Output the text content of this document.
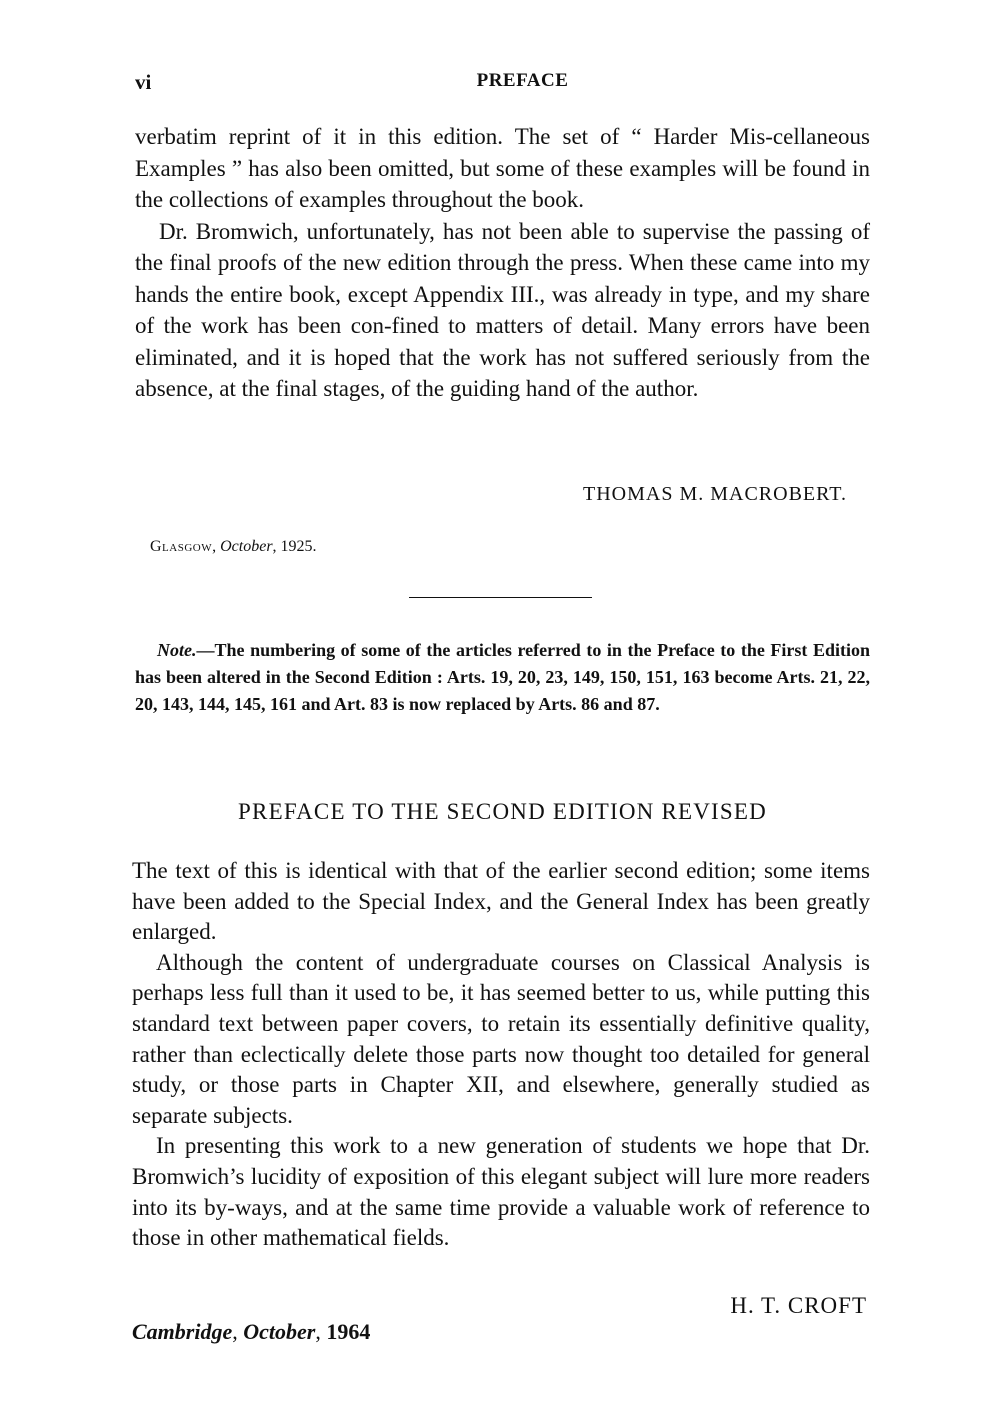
vi	PREFACE

verbatim reprint of it in this edition. The set of “ Harder Mis-cellaneous Examples ” has also been omitted, but some of these examples will be found in the collections of examples throughout the book.

Dr. Bromwich, unfortunately, has not been able to supervise the passing of the final proofs of the new edition through the press. When these came into my hands the entire book, except Appendix III., was already in type, and my share of the work has been con-fined to matters of detail. Many errors have been eliminated, and it is hoped that the work has not suffered seriously from the absence, at the final stages, of the guiding hand of the author.

THOMAS M. MACROBERT.
Glasgow, October, 1925.

Note.—The numbering of some of the articles referred to in the Preface to the First Edition has been altered in the Second Edition : Arts. 19, 20, 23, 149, 150, 151, 163 become Arts. 21, 22, 20, 143, 144, 145, 161 and Art. 83 is now replaced by Arts. 86 and 87.

PREFACE TO THE SECOND EDITION REVISED

The text of this is identical with that of the earlier second edition; some items have been added to the Special Index, and the General Index has been greatly enlarged.

Although the content of undergraduate courses on Classical Analysis is perhaps less full than it used to be, it has seemed better to us, while putting this standard text between paper covers, to retain its essentially definitive quality, rather than eclectically delete those parts now thought too detailed for general study, or those parts in Chapter XII, and elsewhere, generally studied as separate subjects.

In presenting this work to a new generation of students we hope that Dr. Bromwich’s lucidity of exposition of this elegant subject will lure more readers into its by-ways, and at the same time provide a valuable work of reference to those in other mathematical fields.

H. T. CROFT
Cambridge, October, 1964
